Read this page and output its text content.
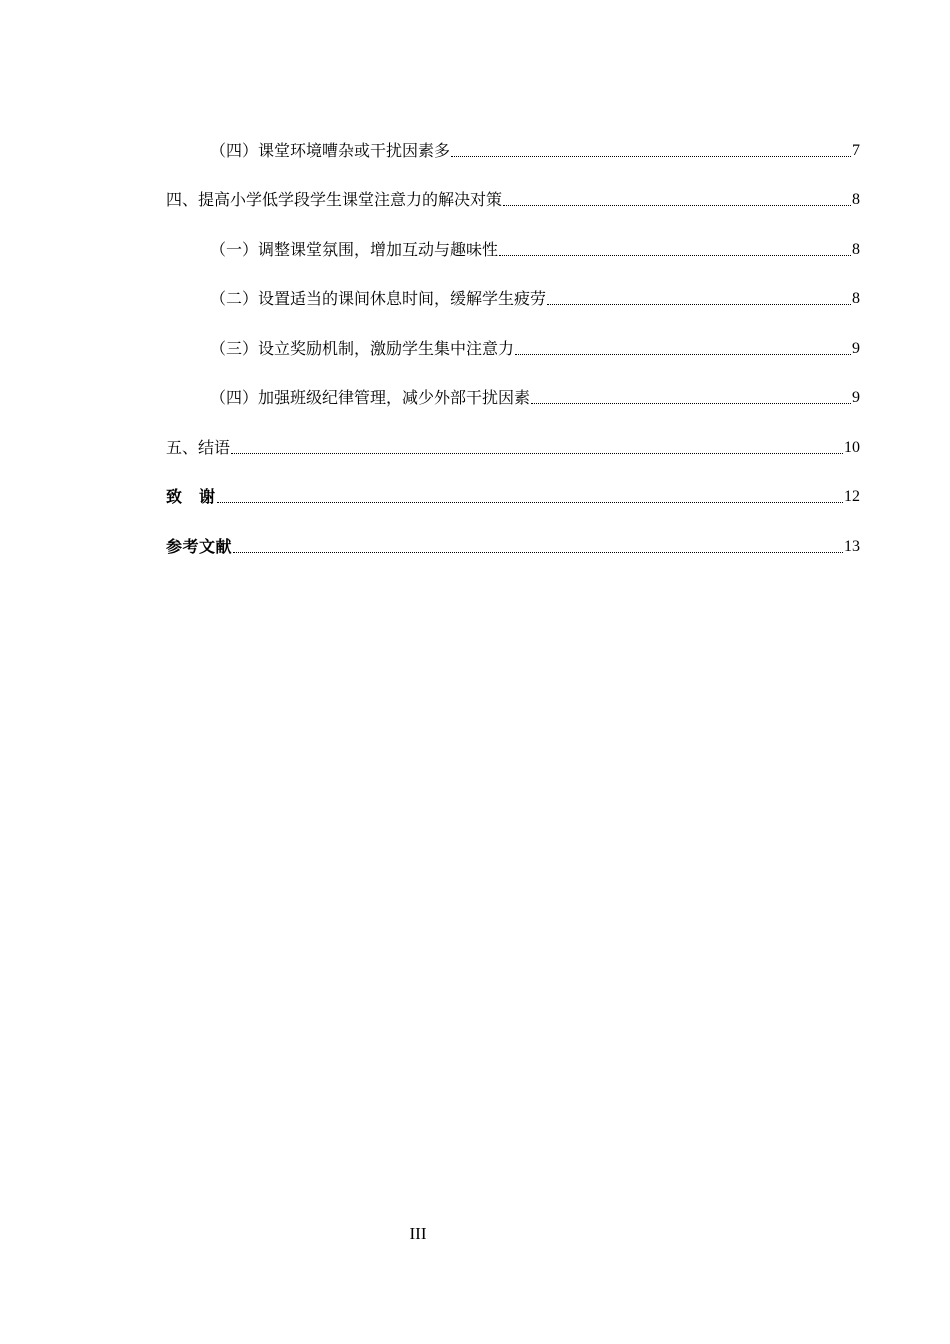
（四）课堂环境嘈杂或干扰因素多	7
四、提高小学低学段学生课堂注意力的解决对策	8
（一）调整课堂氛围，增加互动与趣味性	8
（二）设置适当的课间休息时间，缓解学生疲劳	8
（三）设立奖励机制，激励学生集中注意力	9
（四）加强班级纪律管理，减少外部干扰因素	9
五、结语	10
致　谢	12
参考文献	13
III
